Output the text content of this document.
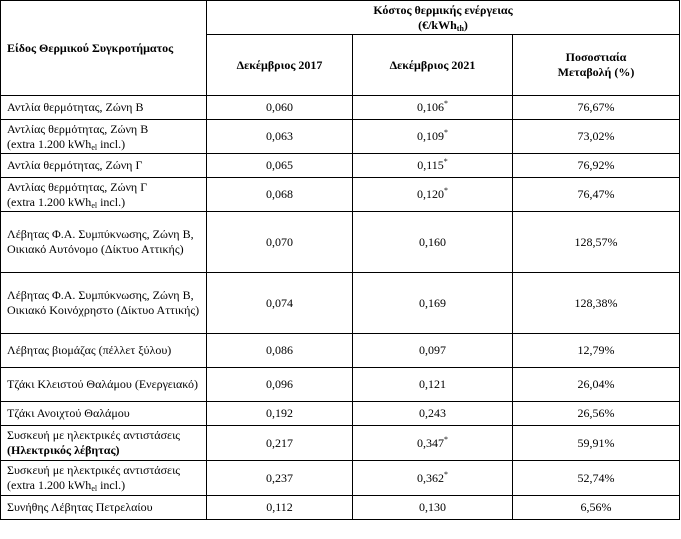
Είδος Θερμικού Συγκροτήματος	Κόστος θερμικής ενέργειας
(€/kWh$_{th}$)		

	Δεκέμβριος 2017	Δεκέμβριος 2021	Ποσοστιαία Μεταβολή (%)
Αντλία θερμότητας, Ζώνη Β	0,060	0,106*	76,67%
Αντλίας θερμότητας, Ζώνη Β
(extra 1.200 kWh$_{el}$ incl.)	0,063	0,109*	73,02%
Αντλία θερμότητας, Ζώνη Γ	0,065	0,115*	76,92%
Αντλίας θερμότητας, Ζώνη Γ
(extra 1.200 kWh$_{el}$ incl.)	0,068	0,120*	76,47%
Λέβητας Φ.Α. Συμπύκνωσης, Ζώνη Β, Οικιακό Αυτόνομο (Δίκτυο Αττικής)	0,070	0,160	128,57%
Λέβητας Φ.Α. Συμπύκνωσης, Ζώνη Β, Οικιακό Κοινόχρηστο (Δίκτυο Αττικής)	0,074	0,169	128,38%
Λέβητας βιομάζας (πέλλετ ξύλου)	0,086	0,097	12,79%
Τζάκι Κλειστού Θαλάμου (Ενεργειακό)	0,096	0,121	26,04%
Τζάκι Ανοιχτού Θαλάμου	0,192	0,243	26,56%
Συσκευή με ηλεκτρικές αντιστάσεις
(Ηλεκτρικός λέβητας)	0,217	0,347*	59,91%
Συσκευή με ηλεκτρικές αντιστάσεις
(extra 1.200 kWh$_{el}$ incl.)	0,237	0,362*	52,74%
Συνήθης Λέβητας Πετρελαίου	0,112	0,130	6,56%
